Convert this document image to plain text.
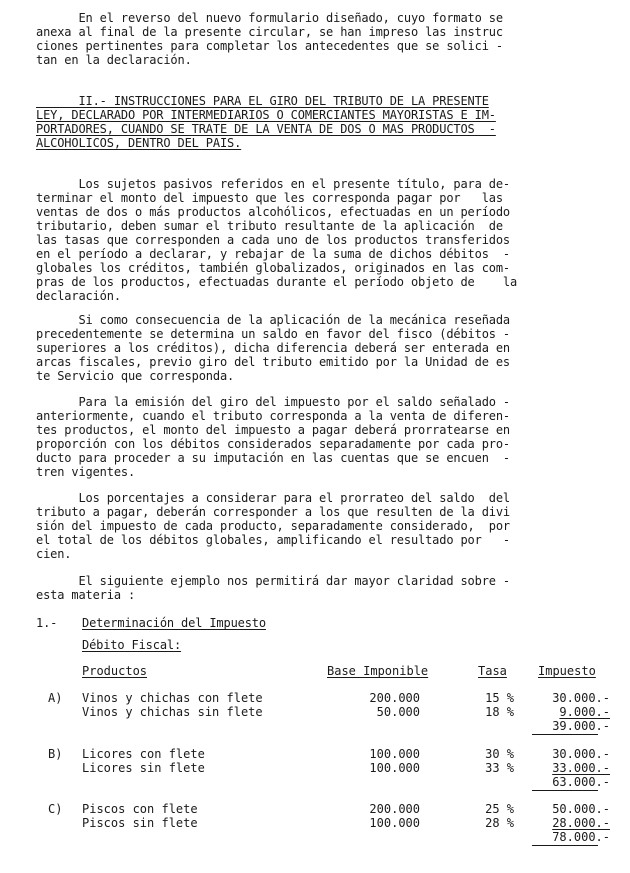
En el reverso del nuevo formulario diseñado, cuyo formato se
anexa al final de la presente circular, se han impreso las instruc
ciones pertinentes para completar los antecedentes que se solici -
tan en la declaración.
II.- INSTRUCCIONES PARA EL GIRO DEL TRIBUTO DE LA PRESENTE
LEY, DECLARADO POR INTERMEDIARIOS O COMERCIANTES MAYORISTAS E IM-
PORTADORES, CUANDO SE TRATE DE LA VENTA DE DOS O MAS PRODUCTOS  -
ALCOHOLICOS, DENTRO DEL PAIS.
Los sujetos pasivos referidos en el presente título, para de-
terminar el monto del impuesto que les corresponda pagar por   las
ventas de dos o más productos alcohólicos, efectuadas en un período
tributario, deben sumar el tributo resultante de la aplicación  de
las tasas que corresponden a cada uno de los productos transferidos
en el período a declarar, y rebajar de la suma de dichos débitos  -
globales los créditos, también globalizados, originados en las com-
pras de los productos, efectuadas durante el período objeto de    la
declaración.
Si como consecuencia de la aplicación de la mecánica reseñada
precedentemente se determina un saldo en favor del fisco (débitos -
superiores a los créditos), dicha diferencia deberá ser enterada en
arcas fiscales, previo giro del tributo emitido por la Unidad de es
te Servicio que corresponda.
Para la emisión del giro del impuesto por el saldo señalado -
anteriormente, cuando el tributo corresponda a la venta de diferen-
tes productos, el monto del impuesto a pagar deberá prorratearse en
proporción con los débitos considerados separadamente por cada pro-
ducto para proceder a su imputación en las cuentas que se encuen  -
tren vigentes.
Los porcentajes a considerar para el prorrateo del saldo  del
tributo a pagar, deberán corresponder a los que resulten de la divi
sión del impuesto de cada producto, separadamente considerado,  por
el total de los débitos globales, amplificando el resultado por   -
cien.
El siguiente ejemplo nos permitirá dar mayor claridad sobre -
esta materia :
1.- Determinación del Impuesto
Débito Fiscal:
Productos	Base Imponible	Tasa	Impuesto
A) Vinos y chichas con flete	200.000	15 %	30.000.-
Vinos y chichas sin flete	50.000	18 %	9.000.-
39.000.-
B) Licores con flete	100.000	30 %	30.000.-
Licores sin flete	100.000	33 %	33.000.-
63.000.-
C) Piscos con flete	200.000	25 %	50.000.-
Piscos sin flete	100.000	28 %	28.000.-
78.000.-
